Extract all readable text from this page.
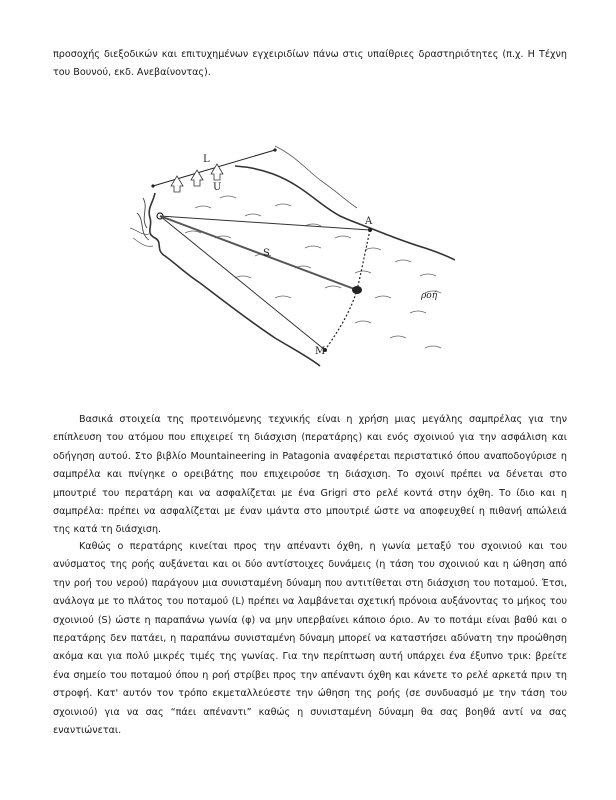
προσοχής διεξοδικών και επιτυχημένων εγχειριδίων πάνω στις υπαίθριες δραστηριότητες (π.χ. Η Τέχνη του Βουνού, εκδ. Ανεβαίνοντας).

L
U
S
A
M
ροή

Βασικά στοιχεία της προτεινόμενης τεχνικής είναι η χρήση μιας μεγάλης σαμπρέλας για την επίπλευση του ατόμου που επιχειρεί τη διάσχιση (περατάρης) και ενός σχοινιού για την ασφάλιση και οδήγηση αυτού. Στο βιβλίο Mountaineering in Patagonia αναφέρεται περιστατικό όπου αναποδογύρισε η σαμπρέλα και πνίγηκε ο ορειβάτης που επιχειρούσε τη διάσχιση. Το σχοινί πρέπει να δένεται στο μπουτριέ του περατάρη και να ασφαλίζεται με ένα Grigri στο ρελέ κοντά στην όχθη. Το ίδιο και η σαμπρέλα: πρέπει να ασφαλίζεται με έναν ιμάντα στο μπουτριέ ώστε να αποφευχθεί η πιθανή απώλειά της κατά τη διάσχιση.

Καθώς ο περατάρης κινείται προς την απέναντι όχθη, η γωνία μεταξύ του σχοινιού και του ανύσματος της ροής αυξάνεται και οι δύο αντίστοιχες δυνάμεις (η τάση του σχοινιού και η ώθηση από την ροή του νερού) παράγουν μια συνισταμένη δύναμη που αντιτίθεται στη διάσχιση του ποταμού. Έτσι, ανάλογα με το πλάτος του ποταμού (L) πρέπει να λαμβάνεται σχετική πρόνοια αυξάνοντας το μήκος του σχοινιού (S) ώστε η παραπάνω γωνία (φ) να μην υπερβαίνει κάποιο όριο. Αν το ποτάμι είναι βαθύ και ο περατάρης δεν πατάει, η παραπάνω συνισταμένη δύναμη μπορεί να καταστήσει αδύνατη την προώθηση ακόμα και για πολύ μικρές τιμές της γωνίας. Για την περίπτωση αυτή υπάρχει ένα έξυπνο τρικ: βρείτε ένα σημείο του ποταμού όπου η ροή στρίβει προς την απέναντι όχθη και κάνετε το ρελέ αρκετά πριν τη στροφή. Κατ' αυτόν τον τρόπο εκμεταλλεύεστε την ώθηση της ροής (σε συνδυασμό με την τάση του σχοινιού) για να σας “πάει απέναντι” καθώς η συνισταμένη δύναμη θα σας βοηθά αντί να σας εναντιώνεται.
